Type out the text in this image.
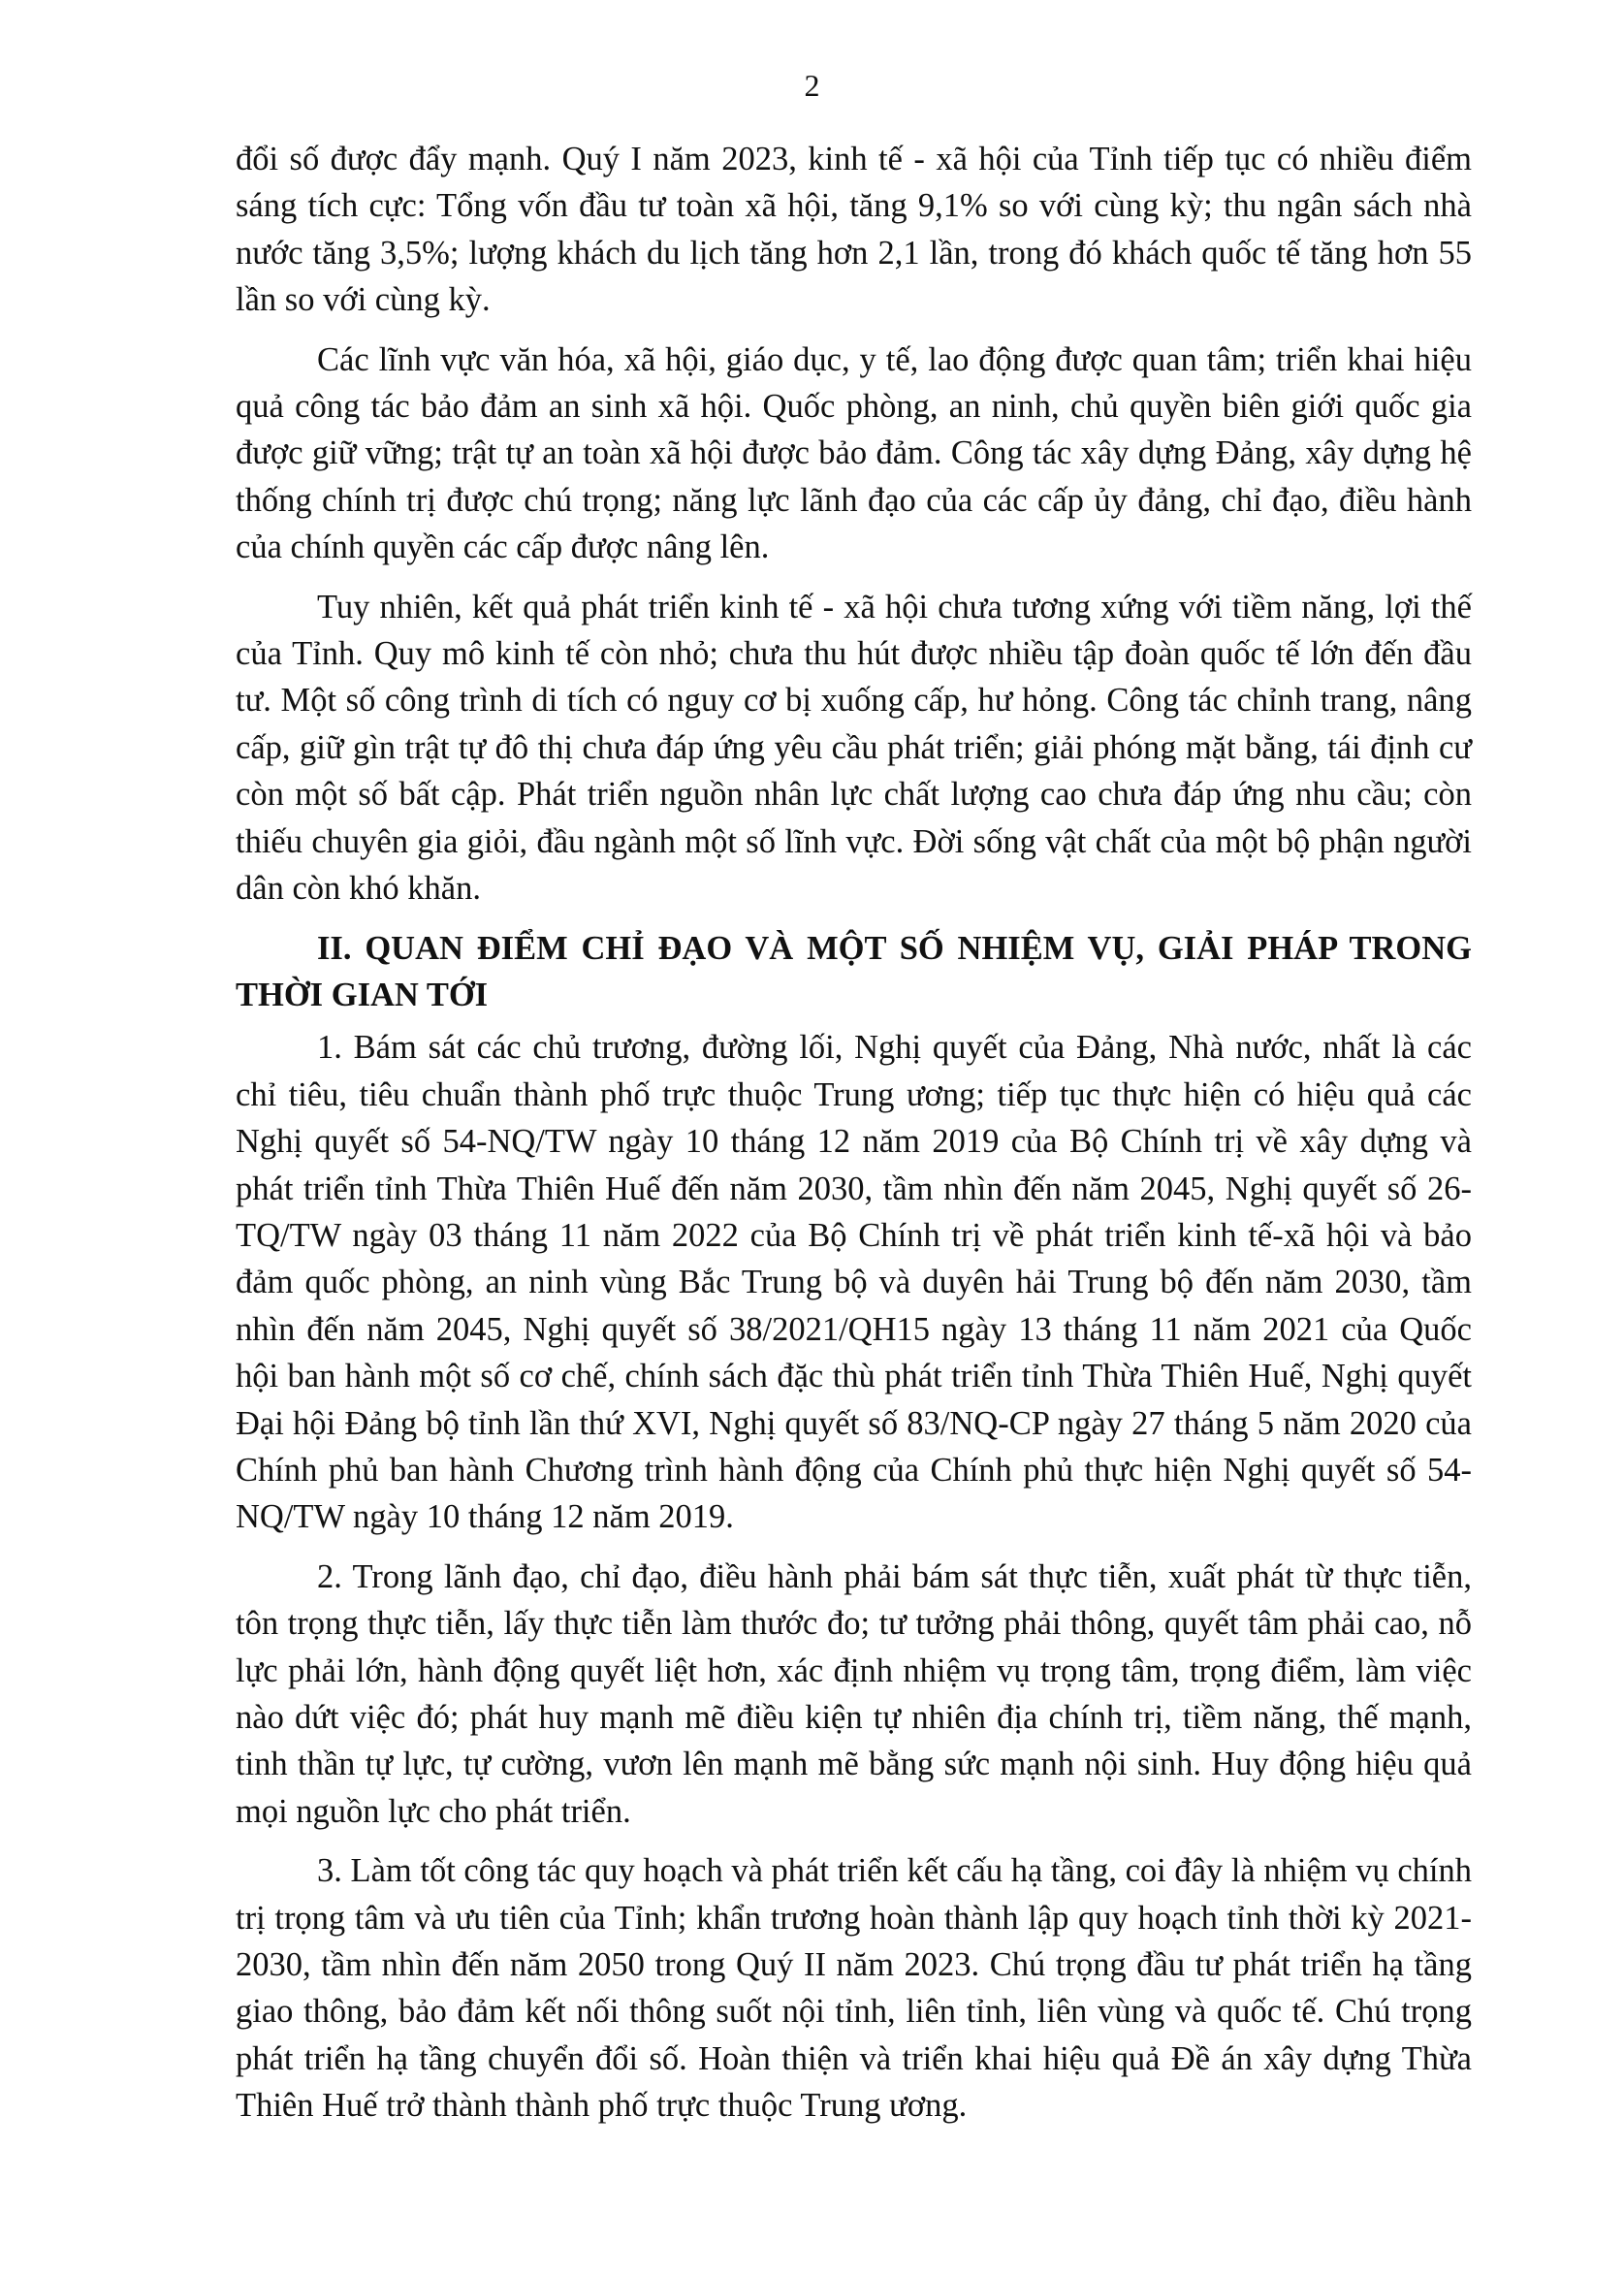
2

đổi số được đẩy mạnh. Quý I năm 2023, kinh tế - xã hội của Tỉnh tiếp tục có nhiều điểm sáng tích cực: Tổng vốn đầu tư toàn xã hội, tăng 9,1% so với cùng kỳ; thu ngân sách nhà nước tăng 3,5%; lượng khách du lịch tăng hơn 2,1 lần, trong đó khách quốc tế tăng hơn 55 lần so với cùng kỳ.

Các lĩnh vực văn hóa, xã hội, giáo dục, y tế, lao động được quan tâm; triển khai hiệu quả công tác bảo đảm an sinh xã hội. Quốc phòng, an ninh, chủ quyền biên giới quốc gia được giữ vững; trật tự an toàn xã hội được bảo đảm. Công tác xây dựng Đảng, xây dựng hệ thống chính trị được chú trọng; năng lực lãnh đạo của các cấp ủy đảng, chỉ đạo, điều hành của chính quyền các cấp được nâng lên.

Tuy nhiên, kết quả phát triển kinh tế - xã hội chưa tương xứng với tiềm năng, lợi thế của Tỉnh. Quy mô kinh tế còn nhỏ; chưa thu hút được nhiều tập đoàn quốc tế lớn đến đầu tư. Một số công trình di tích có nguy cơ bị xuống cấp, hư hỏng. Công tác chỉnh trang, nâng cấp, giữ gìn trật tự đô thị chưa đáp ứng yêu cầu phát triển; giải phóng mặt bằng, tái định cư còn một số bất cập. Phát triển nguồn nhân lực chất lượng cao chưa đáp ứng nhu cầu; còn thiếu chuyên gia giỏi, đầu ngành một số lĩnh vực. Đời sống vật chất của một bộ phận người dân còn khó khăn.

II. QUAN ĐIỂM CHỈ ĐẠO VÀ MỘT SỐ NHIỆM VỤ, GIẢI PHÁP TRONG THỜI GIAN TỚI

1. Bám sát các chủ trương, đường lối, Nghị quyết của Đảng, Nhà nước, nhất là các chỉ tiêu, tiêu chuẩn thành phố trực thuộc Trung ương; tiếp tục thực hiện có hiệu quả các Nghị quyết số 54-NQ/TW ngày 10 tháng 12 năm 2019 của Bộ Chính trị về xây dựng và phát triển tỉnh Thừa Thiên Huế đến năm 2030, tầm nhìn đến năm 2045, Nghị quyết số 26-TQ/TW ngày 03 tháng 11 năm 2022 của Bộ Chính trị về phát triển kinh tế-xã hội và bảo đảm quốc phòng, an ninh vùng Bắc Trung bộ và duyên hải Trung bộ đến năm 2030, tầm nhìn đến năm 2045, Nghị quyết số 38/2021/QH15 ngày 13 tháng 11 năm 2021 của Quốc hội ban hành một số cơ chế, chính sách đặc thù phát triển tỉnh Thừa Thiên Huế, Nghị quyết Đại hội Đảng bộ tỉnh lần thứ XVI, Nghị quyết số 83/NQ-CP ngày 27 tháng 5 năm 2020 của Chính phủ ban hành Chương trình hành động của Chính phủ thực hiện Nghị quyết số 54-NQ/TW ngày 10 tháng 12 năm 2019.

2. Trong lãnh đạo, chỉ đạo, điều hành phải bám sát thực tiễn, xuất phát từ thực tiễn, tôn trọng thực tiễn, lấy thực tiễn làm thước đo; tư tưởng phải thông, quyết tâm phải cao, nỗ lực phải lớn, hành động quyết liệt hơn, xác định nhiệm vụ trọng tâm, trọng điểm, làm việc nào dứt việc đó; phát huy mạnh mẽ điều kiện tự nhiên địa chính trị, tiềm năng, thế mạnh, tinh thần tự lực, tự cường, vươn lên mạnh mẽ bằng sức mạnh nội sinh. Huy động hiệu quả mọi nguồn lực cho phát triển.

3. Làm tốt công tác quy hoạch và phát triển kết cấu hạ tầng, coi đây là nhiệm vụ chính trị trọng tâm và ưu tiên của Tỉnh; khẩn trương hoàn thành lập quy hoạch tỉnh thời kỳ 2021-2030, tầm nhìn đến năm 2050 trong Quý II năm 2023. Chú trọng đầu tư phát triển hạ tầng giao thông, bảo đảm kết nối thông suốt nội tỉnh, liên tỉnh, liên vùng và quốc tế. Chú trọng phát triển hạ tầng chuyển đổi số. Hoàn thiện và triển khai hiệu quả Đề án xây dựng Thừa Thiên Huế trở thành thành phố trực thuộc Trung ương.
